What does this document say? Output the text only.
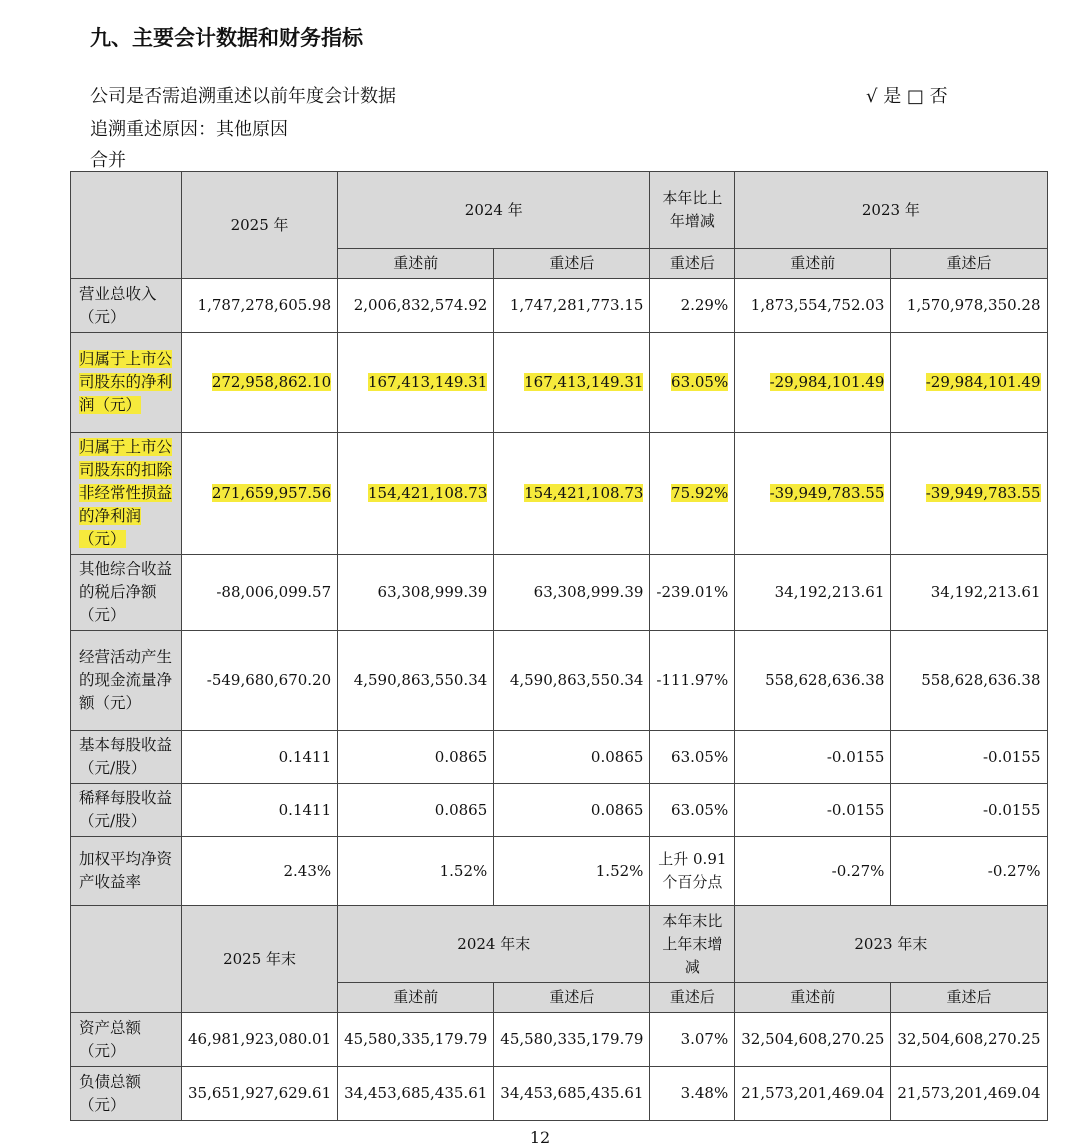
九、主要会计数据和财务指标
公司是否需追溯重述以前年度会计数据	√ 是 □ 否
追溯重述原因：其他原因
合并
	2025 年	2024 年		本年比上年增减	2023 年	
		重述前	重述后	重述后	重述前	重述后
营业总收入（元）	1,787,278,605.98	2,006,832,574.92	1,747,281,773.15	2.29%	1,873,554,752.03	1,570,978,350.28
归属于上市公司股东的净利润（元）	272,958,862.10	167,413,149.31	167,413,149.31	63.05%	-29,984,101.49	-29,984,101.49
归属于上市公司股东的扣除非经常性损益的净利润（元）	271,659,957.56	154,421,108.73	154,421,108.73	75.92%	-39,949,783.55	-39,949,783.55
其他综合收益的税后净额（元）	-88,006,099.57	63,308,999.39	63,308,999.39	-239.01%	34,192,213.61	34,192,213.61
经营活动产生的现金流量净额（元）	-549,680,670.20	4,590,863,550.34	4,590,863,550.34	-111.97%	558,628,636.38	558,628,636.38
基本每股收益（元/股）	0.1411	0.0865	0.0865	63.05%	-0.0155	-0.0155
稀释每股收益（元/股）	0.1411	0.0865	0.0865	63.05%	-0.0155	-0.0155
加权平均净资产收益率	2.43%	1.52%	1.52%	上升 0.91 个百分点	-0.27%	-0.27%
	2025 年末	2024 年末		本年末比上年末增减	2023 年末	
		重述前	重述后	重述后	重述前	重述后
资产总额（元）	46,981,923,080.01	45,580,335,179.79	45,580,335,179.79	3.07%	32,504,608,270.25	32,504,608,270.25
负债总额（元）	35,651,927,629.61	34,453,685,435.61	34,453,685,435.61	3.48%	21,573,201,469.04	21,573,201,469.04
12
